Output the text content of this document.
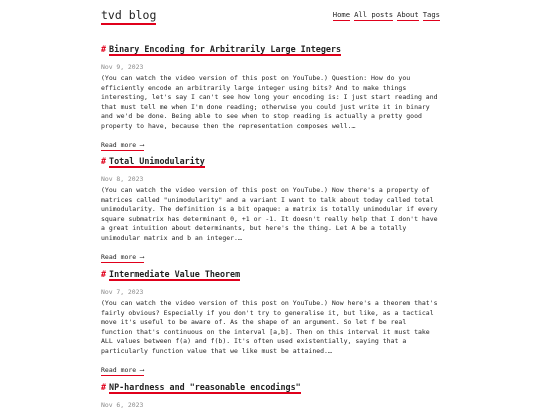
tvd blog	Home All posts About Tags
# Binary Encoding for Arbitrarily Large Integers
Nov 9, 2023

(You can watch the video version of this post on YouTube.) Question: How do you efficiently encode an arbitrarily large integer using bits? And to make things interesting, let's say I can't see how long your encoding is: I just start reading and that must tell me when I'm done reading; otherwise you could just write it in binary and we'd be done. Being able to see when to stop reading is actually a pretty good property to have, because then the representation composes well.…

Read more ⟶
# Total Unimodularity
Nov 8, 2023

(You can watch the video version of this post on YouTube.) Now there's a property of matrices called "unimodularity" and a variant I want to talk about today called total unimodularity. The definition is a bit opaque: a matrix is totally unimodular if every square submatrix has determinant 0, +1 or -1. It doesn't really help that I don't have a great intuition about determinants, but here's the thing. Let A be a totally unimodular matrix and b an integer.…

Read more ⟶
# Intermediate Value Theorem
Nov 7, 2023

(You can watch the video version of this post on YouTube.) Now here's a theorem that's fairly obvious? Especially if you don't try to generalise it, but like, as a tactical move it's useful to be aware of. As the shape of an argument. So let f be real function that's continuous on the interval [a,b]. Then on this interval it must take ALL values between f(a) and f(b). It's often used existentially, saying that a particularly function value that we like must be attained.…

Read more ⟶
# NP-hardness and "reasonable encodings"
Nov 6, 2023
